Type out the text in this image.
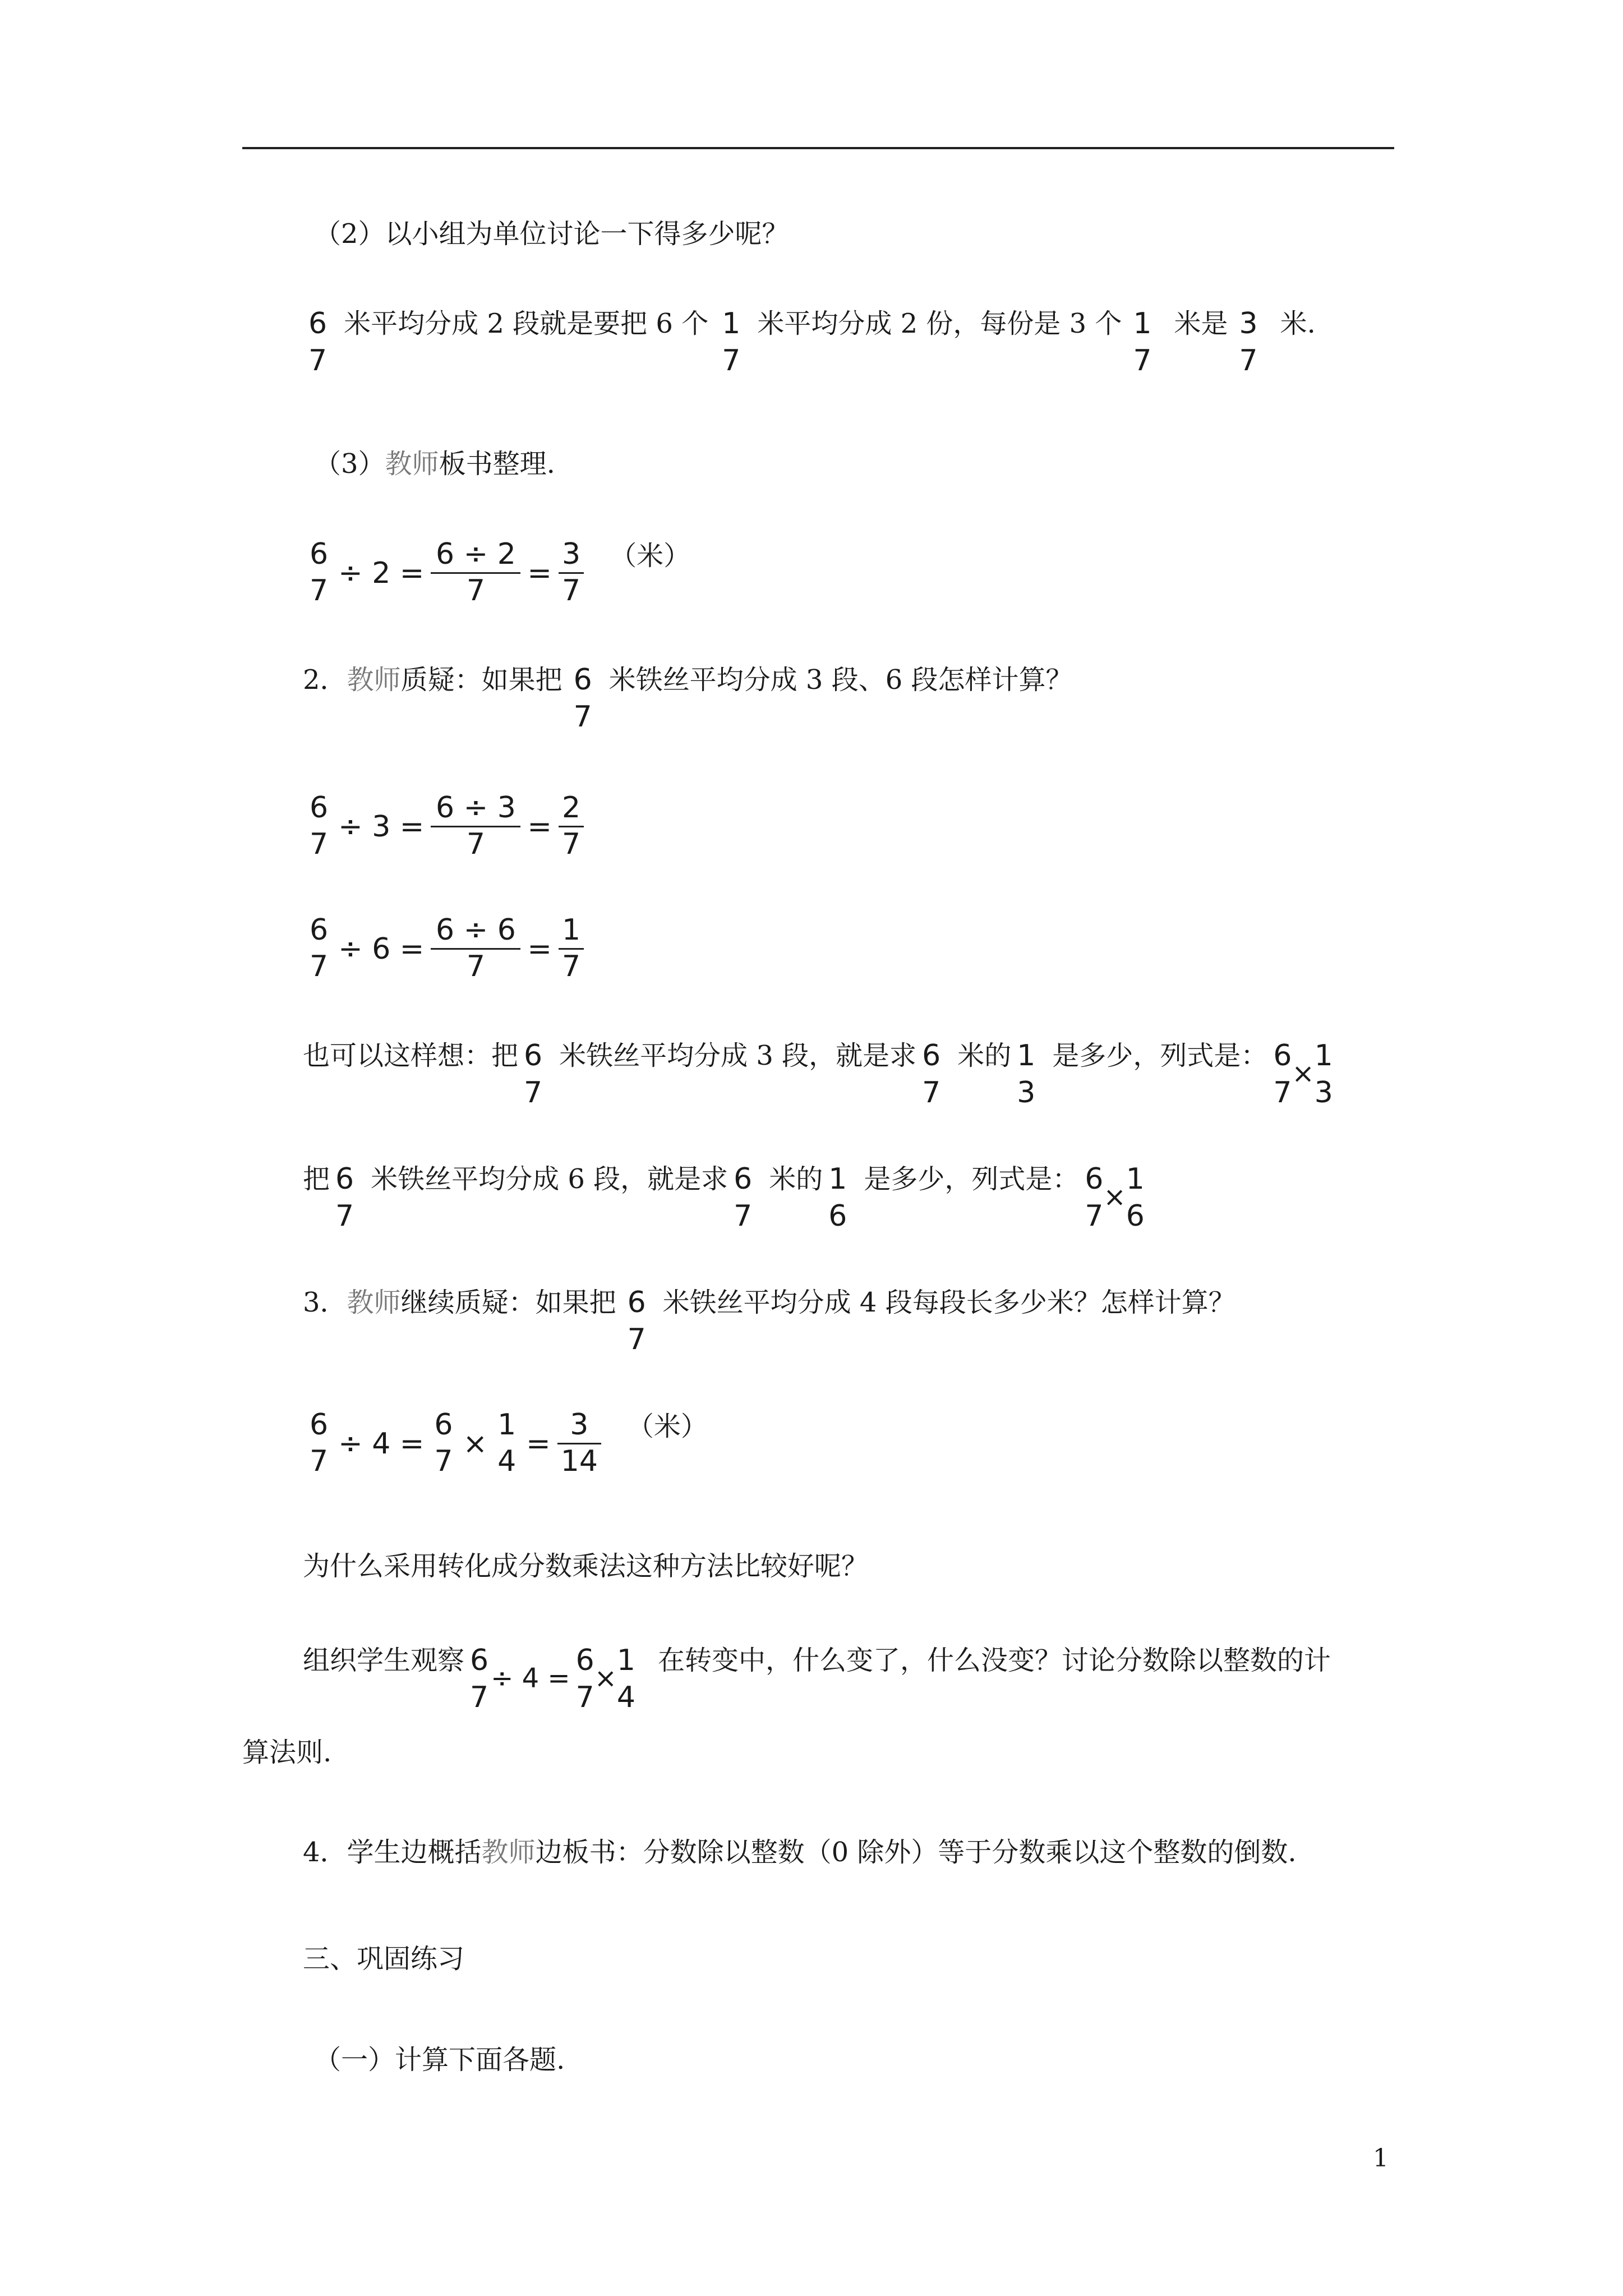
（2）以小组为单位讨论一下得多少呢？
6
7
米平均分成 2 段就是要把 6 个 1
7
米平均分成 2 份，每份是 3 个 1
7
米是 3
7
米.
（3） 教师 板书整理.
6
7
÷ 2 =
6 ÷ 2
7
=
3
7
（米）
2． 教师 质疑：如果把 6
7
米铁丝平均分成 3 段、6 段怎样计算？
6
7
÷ 3 =
6 ÷ 3
7
=
2
7
6
7
÷ 6 =
6 ÷ 6
7
=
1
7
也可以这样想：把 6
7
米铁丝平均分成 3 段，就是求 6
7
米的 1
3
是多少，列式是： 6
7
×
1
3
把 6
7
米铁丝平均分成 6 段，就是求 6
7
米的 1
6
是多少，列式是： 6
7
×
1
6
3． 教师 继续质疑：如果把 6
7
米铁丝平均分成 4 段每段长多少米？怎样计算？
6
7
÷ 4 =
6
7
×
1
4
=
3
14
（米）
为什么采用转化成分数乘法这种方法比较好呢？
组织学生观察 6
7
÷ 4 =
6
7
×
1
4
在转变中，什么变了，什么没变？讨论分数除以整数的计
算法则.
4．学生边概括 教师 边板书：分数除以整数（0 除外）等于分数乘以这个整数的倒数.
三、巩固练习
（一）计算下面各题.
1
